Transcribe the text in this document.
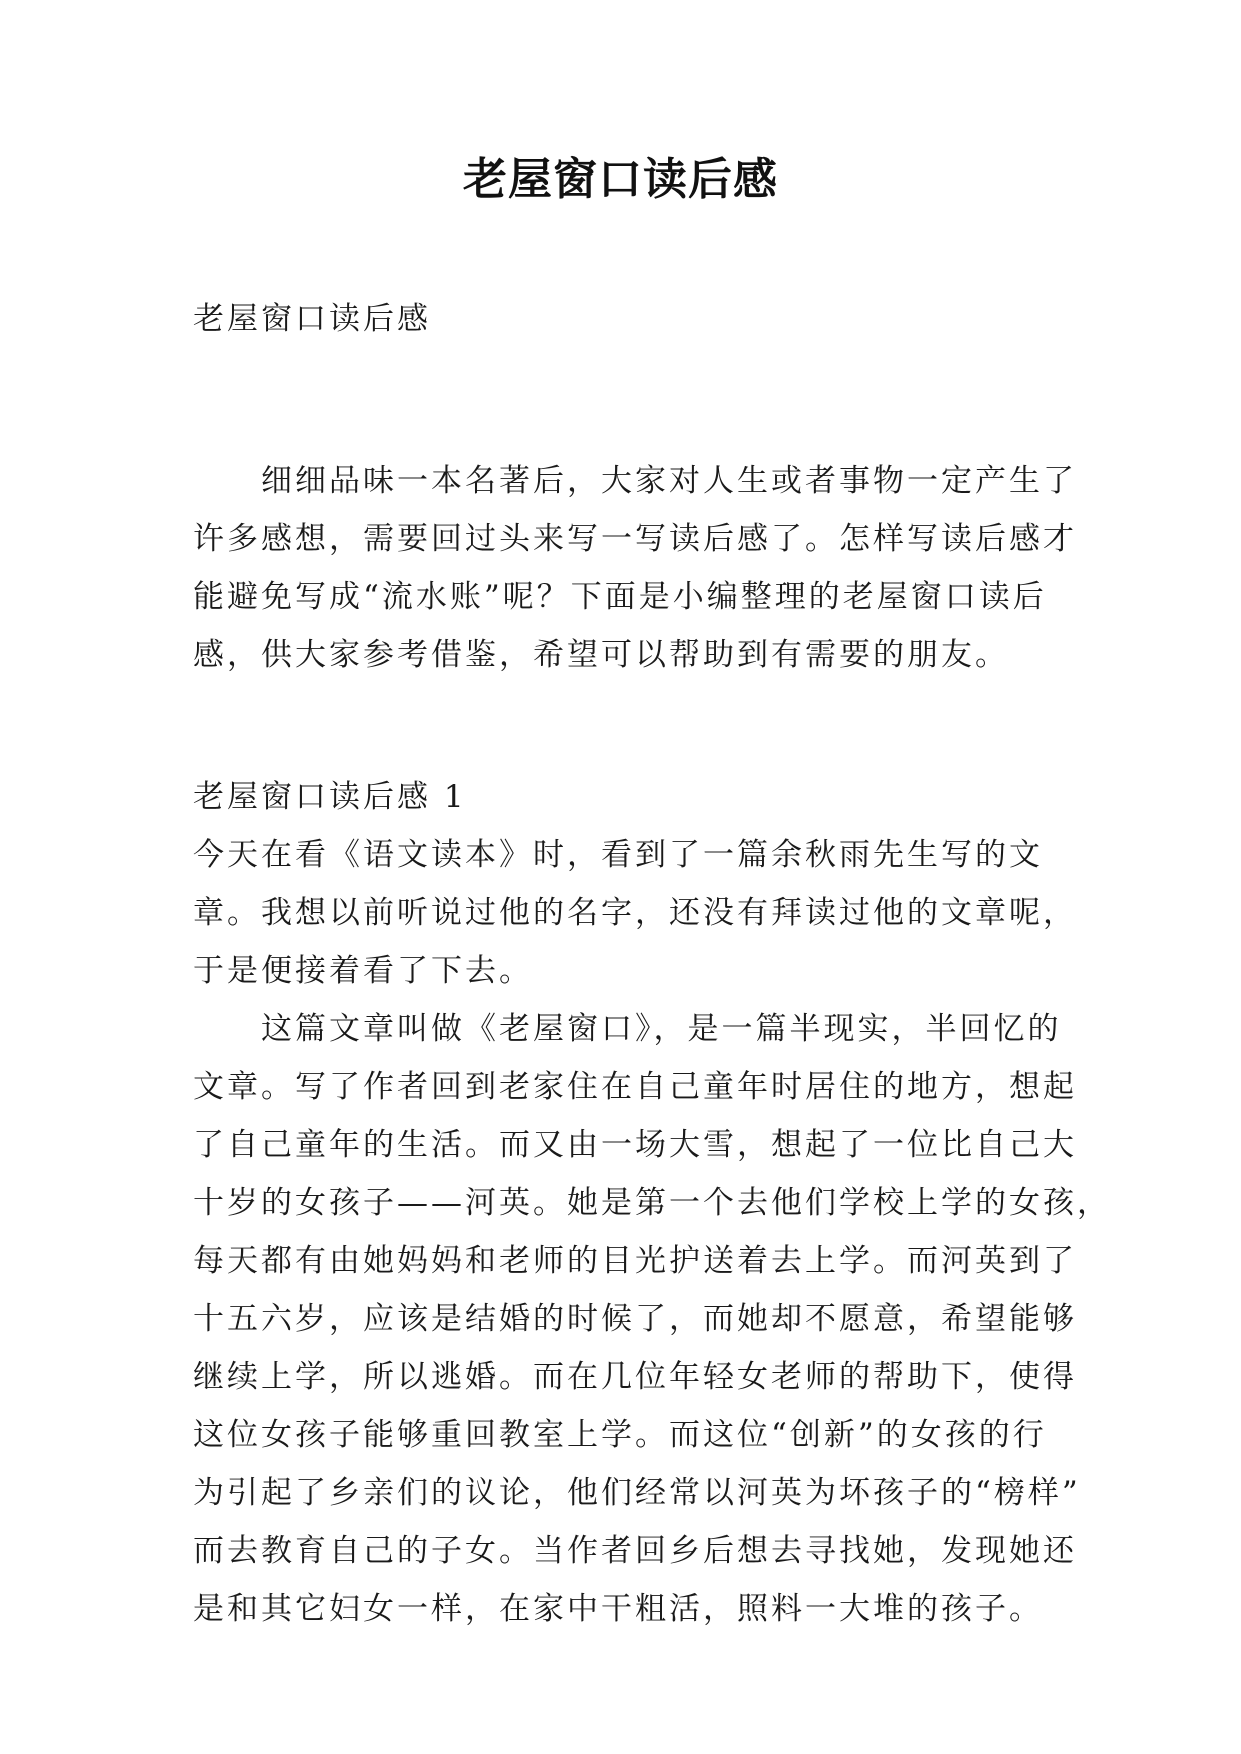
老屋窗口读后感
老屋窗口读后感
　　细细品味一本名著后，大家对人生或者事物一定产生了
许多感想，需要回过头来写一写读后感了。怎样写读后感才
能避免写成“流水账”呢？下面是小编整理的老屋窗口读后
感，供大家参考借鉴，希望可以帮助到有需要的朋友。
老屋窗口读后感 1
今天在看《语文读本》时，看到了一篇余秋雨先生写的文
章。我想以前听说过他的名字，还没有拜读过他的文章呢，
于是便接着看了下去。
　　这篇文章叫做《老屋窗口》，是一篇半现实，半回忆的
文章。写了作者回到老家住在自己童年时居住的地方，想起
了自己童年的生活。而又由一场大雪，想起了一位比自己大
十岁的女孩子——河英。她是第一个去他们学校上学的女孩，
每天都有由她妈妈和老师的目光护送着去上学。而河英到了
十五六岁，应该是结婚的时候了，而她却不愿意，希望能够
继续上学，所以逃婚。而在几位年轻女老师的帮助下，使得
这位女孩子能够重回教室上学。而这位“创新”的女孩的行
为引起了乡亲们的议论，他们经常以河英为坏孩子的“榜样”
而去教育自己的子女。当作者回乡后想去寻找她，发现她还
是和其它妇女一样，在家中干粗活，照料一大堆的孩子。
